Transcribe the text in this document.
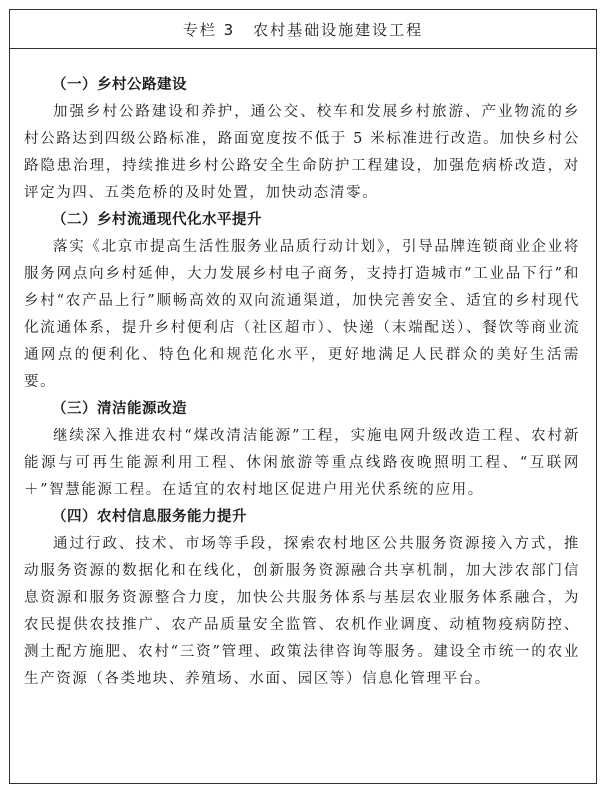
专栏 3 农村基础设施建设工程

（一）乡村公路建设

加强乡村公路建设和养护，通公交、校车和发展乡村旅游、产业物流的乡村公路达到四级公路标准，路面宽度按不低于 5 米标准进行改造。加快乡村公路隐患治理，持续推进乡村公路安全生命防护工程建设，加强危病桥改造，对评定为四、五类危桥的及时处置，加快动态清零。

（二）乡村流通现代化水平提升

落实《北京市提高生活性服务业品质行动计划》，引导品牌连锁商业企业将服务网点向乡村延伸，大力发展乡村电子商务，支持打造城市“工业品下行”和乡村“农产品上行”顺畅高效的双向流通渠道，加快完善安全、适宜的乡村现代化流通体系，提升乡村便利店（社区超市）、快递（末端配送）、餐饮等商业流通网点的便利化、特色化和规范化水平，更好地满足人民群众的美好生活需要。

（三）清洁能源改造

继续深入推进农村“煤改清洁能源”工程，实施电网升级改造工程、农村新能源与可再生能源利用工程、休闲旅游等重点线路夜晚照明工程、“互联网＋”智慧能源工程。在适宜的农村地区促进户用光伏系统的应用。

（四）农村信息服务能力提升

通过行政、技术、市场等手段，探索农村地区公共服务资源接入方式，推动服务资源的数据化和在线化，创新服务资源融合共享机制，加大涉农部门信息资源和服务资源整合力度，加快公共服务体系与基层农业服务体系融合，为农民提供农技推广、农产品质量安全监管、农机作业调度、动植物疫病防控、测土配方施肥、农村“三资”管理、政策法律咨询等服务。建设全市统一的农业生产资源（各类地块、养殖场、水面、园区等）信息化管理平台。
